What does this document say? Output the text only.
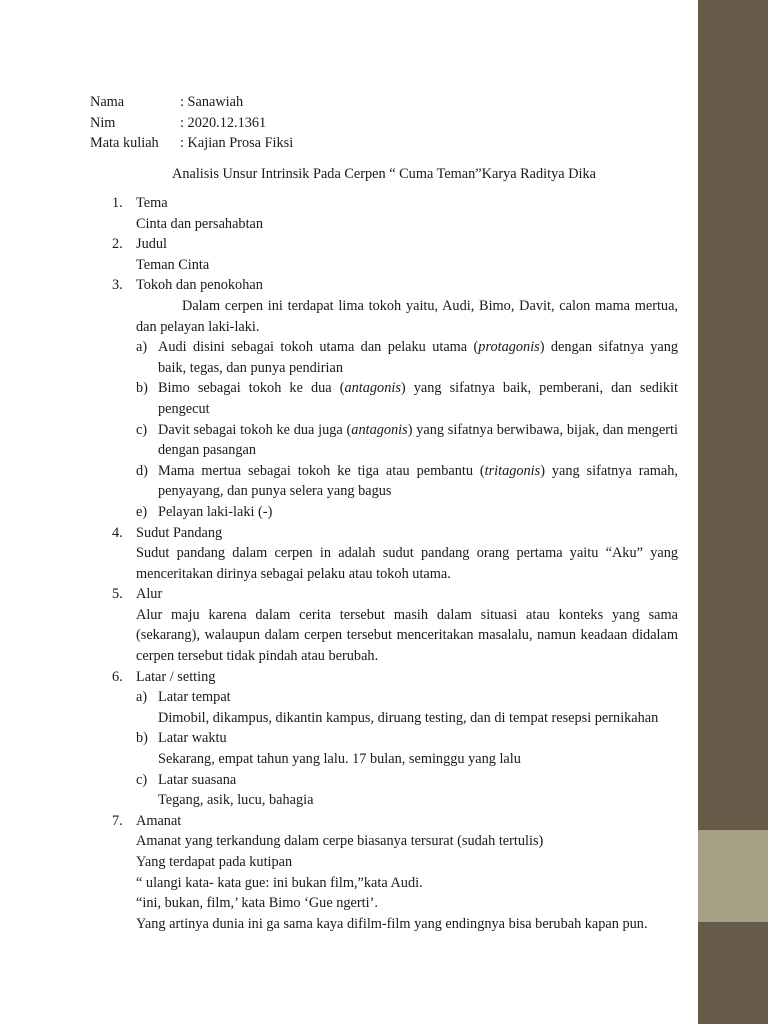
Nama	: Sanawiah
Nim	: 2020.12.1361
Mata kuliah	: Kajian Prosa Fiksi
Analisis Unsur Intrinsik Pada Cerpen “ Cuma Teman”Karya Raditya Dika
1. Tema
Cinta dan persahabtan
2. Judul
Teman Cinta
3. Tokoh dan penokohan
Dalam cerpen ini terdapat lima tokoh yaitu, Audi, Bimo, Davit, calon mama mertua, dan pelayan laki-laki.
a) Audi disini sebagai tokoh utama dan pelaku utama (protagonis) dengan sifatnya yang baik, tegas, dan punya pendirian
b) Bimo sebagai tokoh ke dua (antagonis) yang sifatnya baik, pemberani, dan sedikit pengecut
c) Davit sebagai tokoh ke dua juga (antagonis) yang sifatnya berwibawa, bijak, dan mengerti dengan pasangan
d) Mama mertua sebagai tokoh ke tiga atau pembantu (tritagonis) yang sifatnya ramah, penyayang, dan punya selera yang bagus
e) Pelayan laki-laki (-)
4. Sudut Pandang
Sudut pandang dalam cerpen in adalah sudut pandang orang pertama yaitu “Aku” yang menceritakan dirinya sebagai pelaku atau tokoh utama.
5. Alur
Alur maju karena dalam cerita tersebut masih dalam situasi atau konteks yang sama (sekarang), walaupun dalam cerpen tersebut menceritakan masalalu, namun keadaan didalam cerpen tersebut tidak pindah atau berubah.
6. Latar / setting
a) Latar tempat
Dimobil, dikampus, dikantin kampus, diruang testing, dan di tempat resepsi pernikahan
b) Latar waktu
Sekarang, empat tahun yang lalu. 17 bulan, seminggu yang lalu
c) Latar suasana
Tegang, asik, lucu, bahagia
7. Amanat
Amanat yang terkandung dalam cerpe biasanya tersurat (sudah tertulis)
Yang terdapat pada kutipan
“ ulangi kata- kata gue: ini bukan film,”kata Audi.
“ini, bukan, film,’ kata Bimo ‘Gue ngerti’.
Yang artinya dunia ini ga sama kaya difilm-film yang endingnya bisa berubah kapan pun.
